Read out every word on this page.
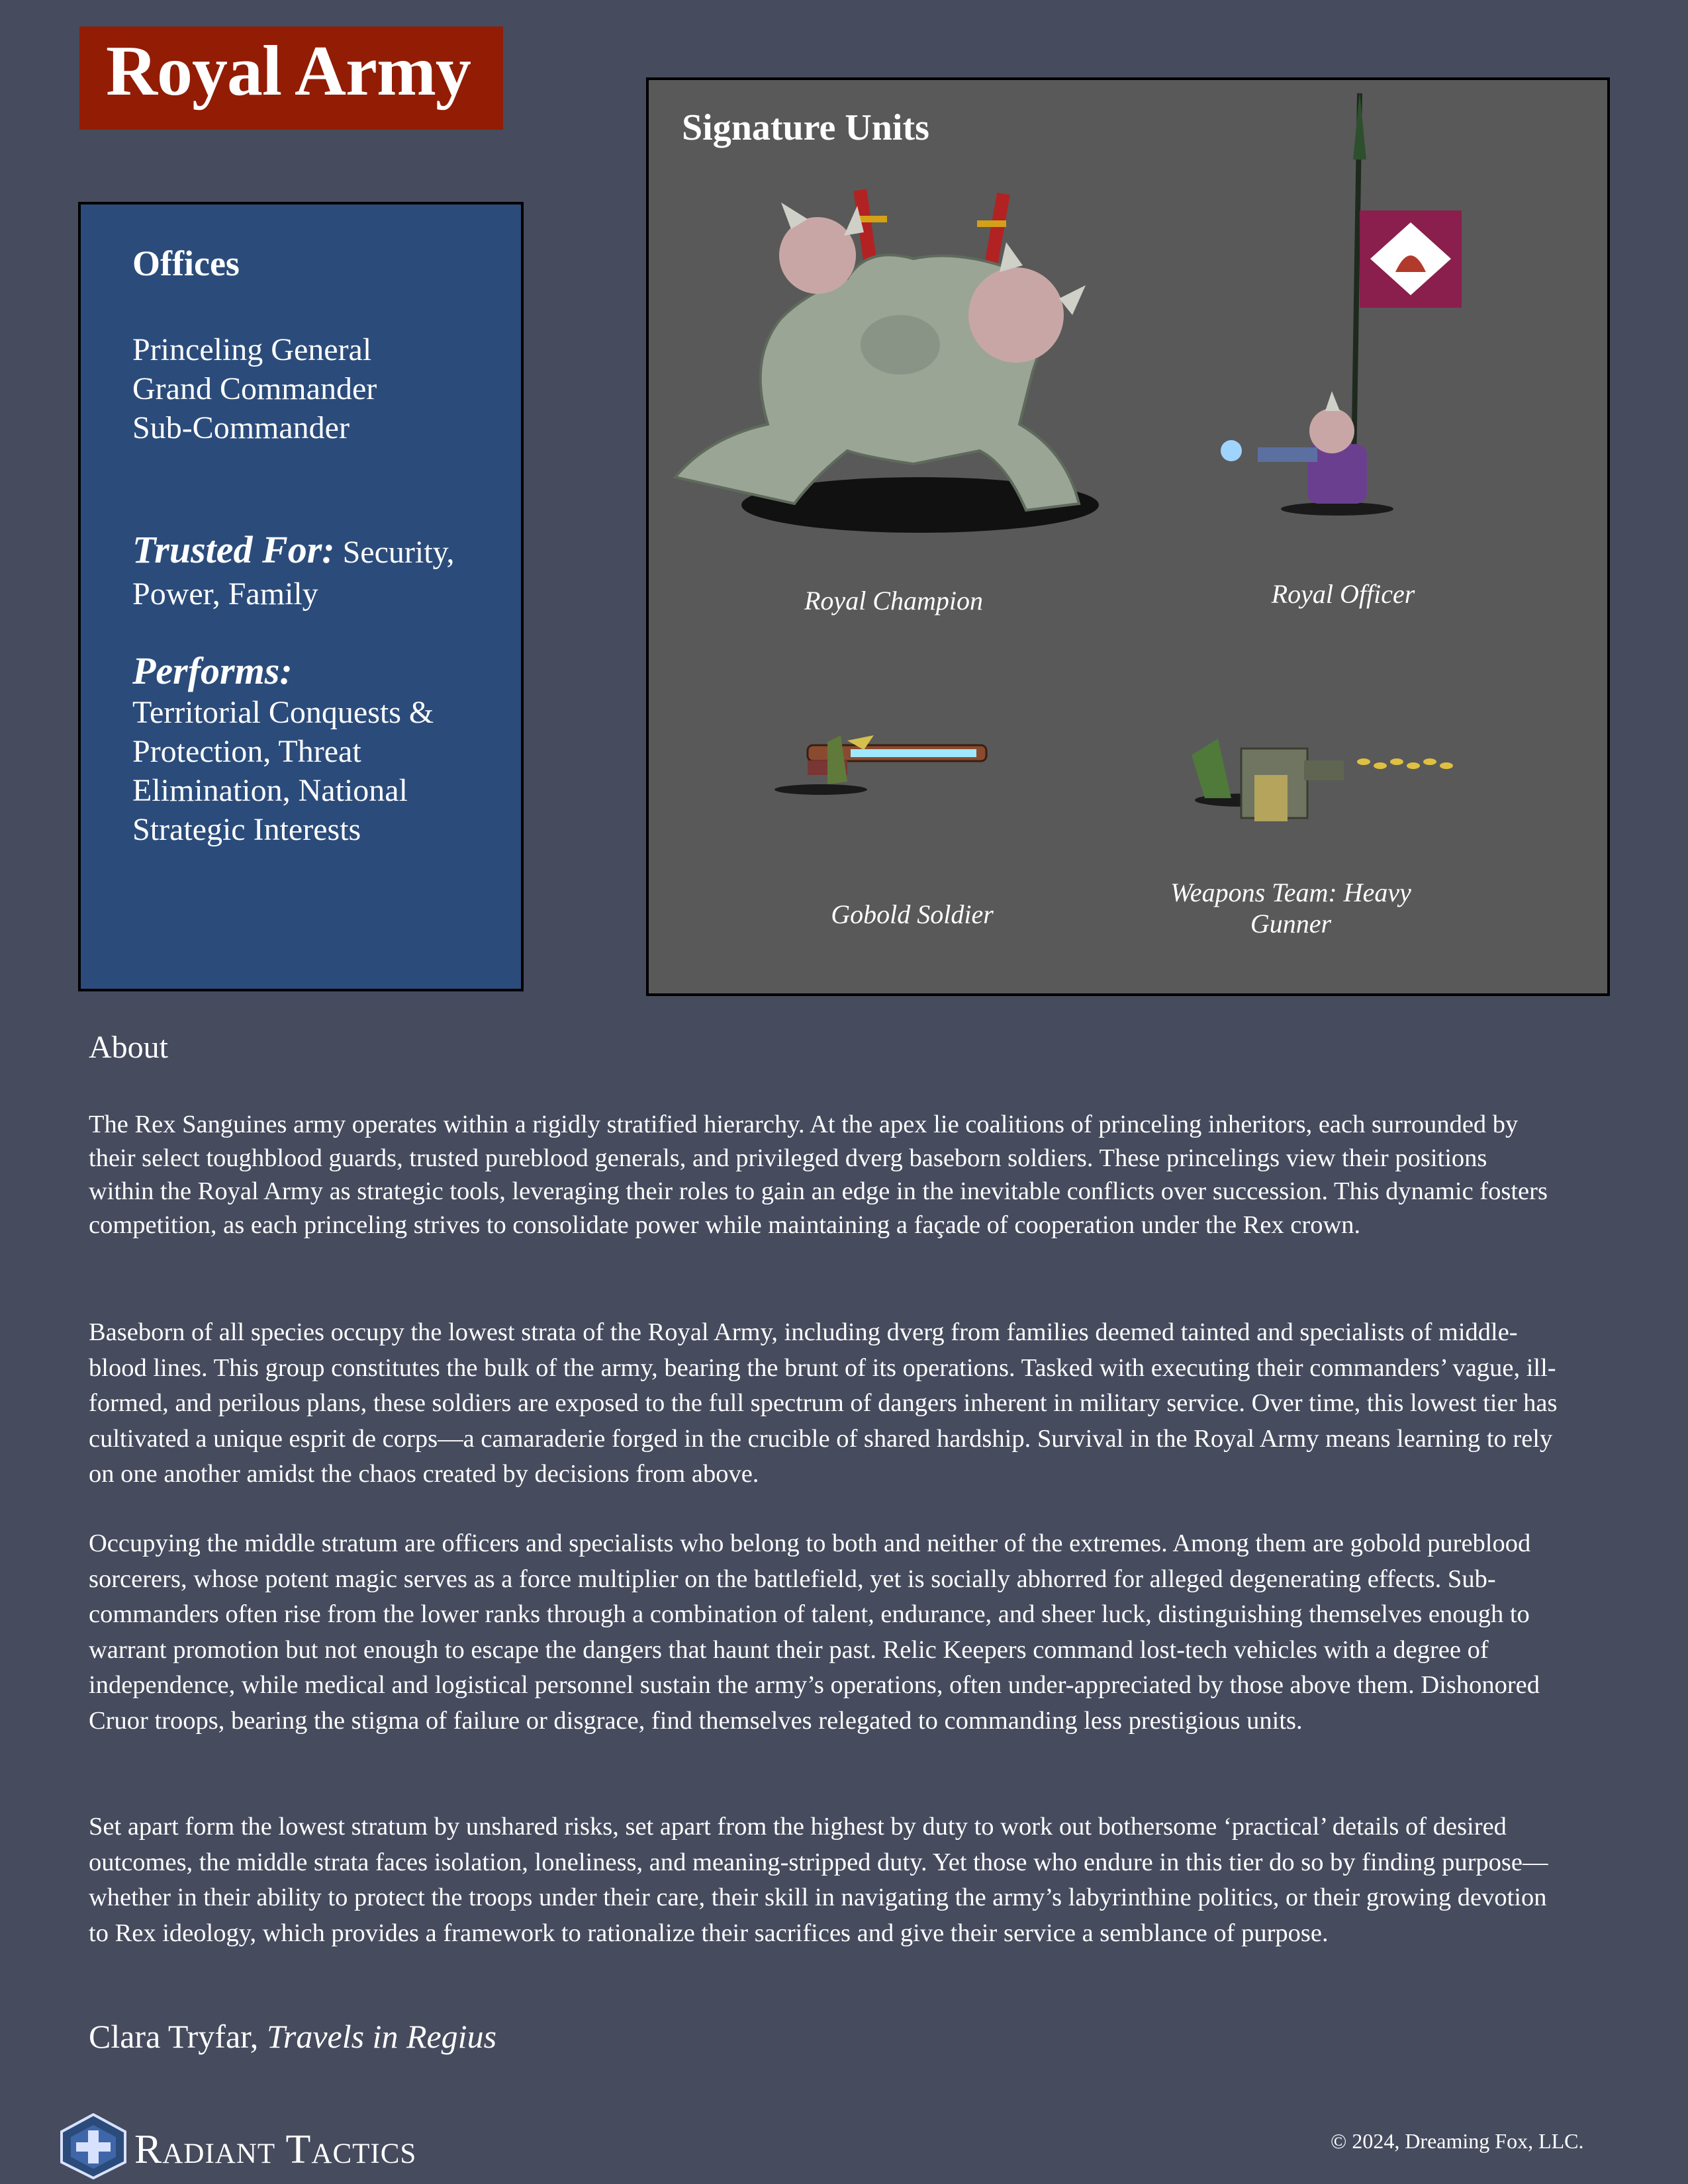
Royal Army
Offices
Princeling General
Grand Commander
Sub-Commander
Trusted For: Security, Power, Family
Performs:
Territorial Conquests & Protection, Threat Elimination, National Strategic Interests
Signature Units
Royal Champion	Royal Officer
Gobold Soldier
Weapons Team: Heavy Gunner
About
The Rex Sanguines army operates within a rigidly stratified hierarchy. At the apex lie coalitions of princeling inheritors, each surrounded by their select toughblood guards, trusted pureblood generals, and privileged dverg baseborn soldiers. These princelings view their positions within the Royal Army as strategic tools, leveraging their roles to gain an edge in the inevitable conflicts over succession. This dynamic fosters competition, as each princeling strives to consolidate power while maintaining a façade of cooperation under the Rex crown.
Baseborn of all species occupy the lowest strata of the Royal Army, including dverg from families deemed tainted and specialists of middle-blood lines. This group constitutes the bulk of the army, bearing the brunt of its operations. Tasked with executing their commanders’ vague, ill-formed, and perilous plans, these soldiers are exposed to the full spectrum of dangers inherent in military service. Over time, this lowest tier has cultivated a unique esprit de corps—a camaraderie forged in the crucible of shared hardship. Survival in the Royal Army means learning to rely on one another amidst the chaos created by decisions from above.
Occupying the middle stratum are officers and specialists who belong to both and neither of the extremes. Among them are gobold pureblood sorcerers, whose potent magic serves as a force multiplier on the battlefield, yet is socially abhorred for alleged degenerating effects. Sub-commanders often rise from the lower ranks through a combination of talent, endurance, and sheer luck, distinguishing themselves enough to warrant promotion but not enough to escape the dangers that haunt their past. Relic Keepers command lost-tech vehicles with a degree of independence, while medical and logistical personnel sustain the army’s operations, often under-appreciated by those above them. Dishonored Cruor troops, bearing the stigma of failure or disgrace, find themselves relegated to commanding less prestigious units.
Set apart form the lowest stratum by unshared risks, set apart from the highest by duty to work out bothersome ‘practical’ details of desired outcomes, the middle strata faces isolation, loneliness, and meaning-stripped duty. Yet those who endure in this tier do so by finding purpose—whether in their ability to protect the troops under their care, their skill in navigating the army’s labyrinthine politics, or their growing devotion to Rex ideology, which provides a framework to rationalize their sacrifices and give their service a semblance of purpose.
Clara Tryfar, Travels in Regius
Radiant Tactics	© 2024, Dreaming Fox, LLC.
